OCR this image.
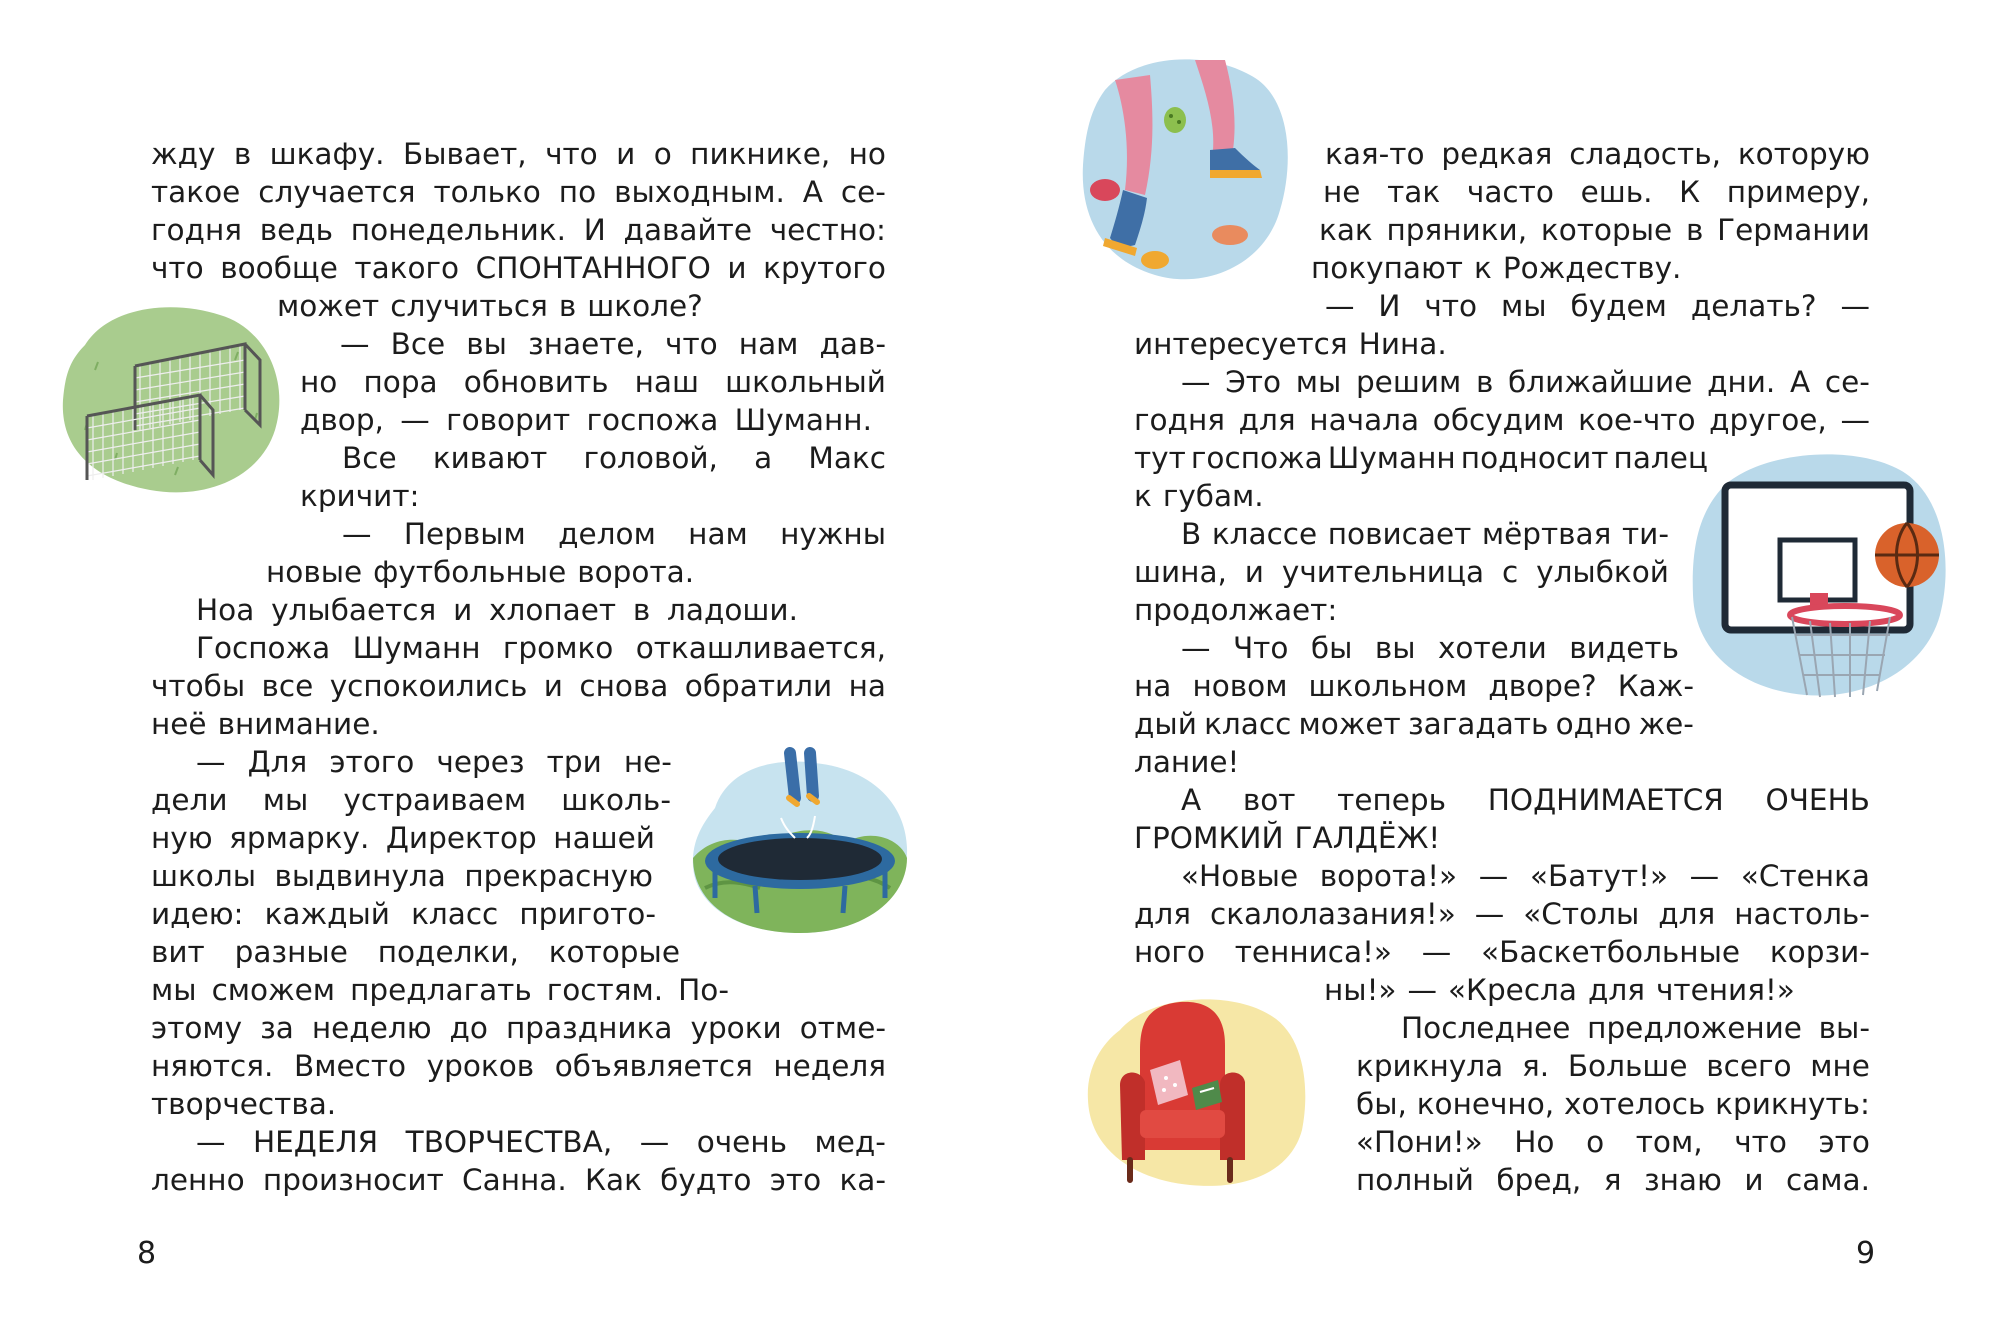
жду в шкафу. Бывает, что и о пикнике, но
такое случается только по выходным. А се-
годня ведь понедельник. И давайте честно:
что вообще такого СПОНТАННОГО и крутого
может случиться в школе?
— Все вы знаете, что нам дав-
но пора обновить наш школьный
двор, — говорит госпожа Шуманн.
Все кивают головой, а Макс
кричит:
— Первым делом нам нужны
новые футбольные ворота.
Ноа улыбается и хлопает в ладоши.
Госпожа Шуманн громко откашливается,
чтобы все успокоились и снова обратили на
неё внимание.
— Для этого через три не-
дели мы устраиваем школь-
ную ярмарку. Директор нашей
школы выдвинула прекрасную
идею: каждый класс пригото-
вит разные поделки, которые
мы сможем предлагать гостям. По-
этому за неделю до праздника уроки отме-
няются. Вместо уроков объявляется неделя
творчества.
— НЕДЕЛЯ ТВОРЧЕСТВА, — очень мед-
ленно произносит Санна. Как будто это ка-
8
кая-то редкая сладость, которую
не так часто ешь. К примеру,
как пряники, которые в Германии
покупают к Рождеству.
— И что мы будем делать? —
интересуется Нина.
— Это мы решим в ближайшие дни. А се-
годня для начала обсудим кое-что другое, —
тут госпожа Шуманн подносит палец
к губам.
В классе повисает мёртвая ти-
шина, и учительница с улыбкой
продолжает:
— Что бы вы хотели видеть
на новом школьном дворе? Каж-
дый класс может загадать одно же-
лание!
А вот теперь ПОДНИМАЕТСЯ ОЧЕНЬ
ГРОМКИЙ ГАЛДЁЖ!
«Новые ворота!» — «Батут!» — «Стенка
для скалолазания!» — «Столы для настоль-
ного тенниса!» — «Баскетбольные корзи-
ны!» — «Кресла для чтения!»
Последнее предложение вы-
крикнула я. Больше всего мне
бы, конечно, хотелось крикнуть:
«Пони!» Но о том, что это
полный бред, я знаю и сама.
9
